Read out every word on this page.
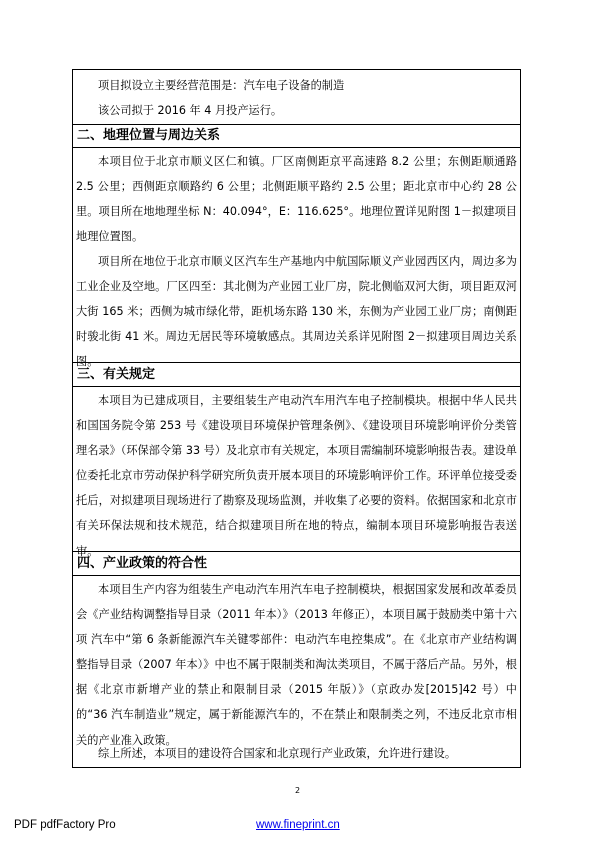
项目拟设立主要经营范围是：汽车电子设备的制造
该公司拟于 2016 年 4 月投产运行。
二、地理位置与周边关系
本项目位于北京市顺义区仁和镇。厂区南侧距京平高速路 8.2 公里；东侧距顺通路 2.5 公里；西侧距京顺路约 6 公里；北侧距顺平路约 2.5 公里；距北京市中心约 28 公里。项目所在地地理坐标 N：40.094°，E：116.625°。地理位置详见附图 1－拟建项目地理位置图。
项目所在地位于北京市顺义区汽车生产基地内中航国际顺义产业园西区内，周边多为工业企业及空地。厂区四至：其北侧为产业园工业厂房，院北侧临双河大街，项目距双河大街 165 米；西侧为城市绿化带，距机场东路 130 米，东侧为产业园工业厂房；南侧距时骏北街 41 米。周边无居民等环境敏感点。其周边关系详见附图 2－拟建项目周边关系图。
三、有关规定
本项目为已建成项目，主要组装生产电动汽车用汽车电子控制模块。根据中华人民共和国国务院令第 253 号《建设项目环境保护管理条例》、《建设项目环境影响评价分类管理名录》（环保部令第 33 号）及北京市有关规定，本项目需编制环境影响报告表。建设单位委托北京市劳动保护科学研究所负责开展本项目的环境影响评价工作。环评单位接受委托后，对拟建项目现场进行了勘察及现场监测，并收集了必要的资料。依据国家和北京市有关环保法规和技术规范，结合拟建项目所在地的特点，编制本项目环境影响报告表送审。
四、产业政策的符合性
本项目生产内容为组装生产电动汽车用汽车电子控制模块，根据国家发展和改革委员会《产业结构调整指导目录（2011 年本）》（2013 年修正），本项目属于鼓励类中第十六项 汽车中“第 6 条新能源汽车关键零部件：电动汽车电控集成”。在《北京市产业结构调整指导目录（2007 年本）》中也不属于限制类和淘汰类项目，不属于落后产品。另外，根据《北京市新增产业的禁止和限制目录（2015 年版）》（京政办发[2015]42 号）中的“36 汽车制造业”规定，属于新能源汽车的，不在禁止和限制类之列，不违反北京市相关的产业准入政策。
综上所述，本项目的建设符合国家和北京现行产业政策，允许进行建设。
2
PDF pdfFactory Pro	www.fineprint.cn
